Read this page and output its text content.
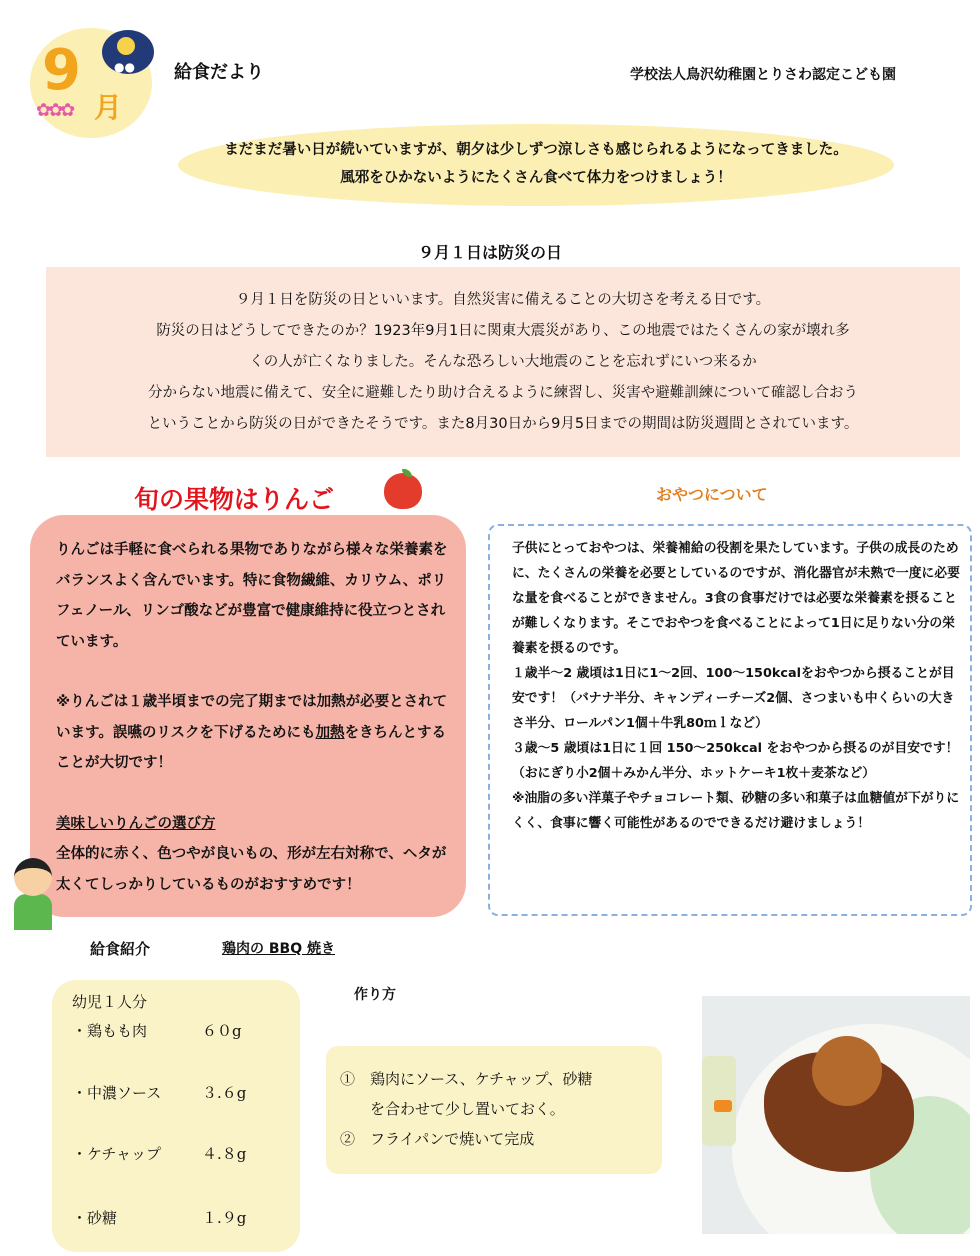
●●
9
月
✿✿✿
給食だより	学校法人鳥沢幼稚園とりさわ認定こども園
まだまだ暑い日が続いていますが、朝夕は少しずつ涼しさも感じられるようになってきました。
風邪をひかないようにたくさん食べて体力をつけましょう！
９月１日は防災の日
９月１日を防災の日といいます。自然災害に備えることの大切さを考える日です。
防災の日はどうしてできたのか？1923年9月1日に関東大震災があり、この地震ではたくさんの家が壊れ多
くの人が亡くなりました。そんな恐ろしい大地震のことを忘れずにいつ来るか
分からない地震に備えて、安全に避難したり助け合えるように練習し、災害や避難訓練について確認し合おう
ということから防災の日ができたそうです。また8月30日から9月5日までの期間は防災週間とされています。
旬の果物はりんご

りんごは手軽に食べられる果物でありながら様々な栄養素をバランスよく含んでいます。特に食物繊維、カリウム、ポリフェノール、リンゴ酸などが豊富で健康維持に役立つとされています。

※りんごは１歳半頃までの完了期までは加熱が必要とされています。誤嚥のリスクを下げるためにも加熱をきちんとすることが大切です！

美味しいりんごの選び方

全体的に赤く、色つやが良いもの、形が左右対称で、ヘタが太くてしっかりしているものがおすすめです！

おやつについて

子供にとっておやつは、栄養補給の役割を果たしています。子供の成長のために、たくさんの栄養を必要としているのですが、消化器官が未熟で一度に必要な量を食べることができません。3食の食事だけでは必要な栄養素を摂ることが難しくなります。そこでおやつを食べることによって1日に足りない分の栄養素を摂るのです。

１歳半～2 歳頃は1日に1～2回、100～150kcalをおやつから摂ることが目安です！（バナナ半分、キャンディーチーズ2個、さつまいも中くらいの大きさ半分、ロールパン1個＋牛乳80ｍｌなど）

３歳～5 歳頃は1日に１回 150～250kcal をおやつから摂るのが目安です！（おにぎり小2個＋みかん半分、ホットケーキ1枚＋麦茶など）

※油脂の多い洋菓子やチョコレート類、砂糖の多い和菓子は血糖値が下がりにくく、食事に響く可能性があるのでできるだけ避けましょう！

給食紹介	鶏肉の BBQ 焼き
幼児１人分
・鶏もも肉	６０g
・中濃ソース	３.６g
・ケチャップ	４.８g
・砂糖	１.９g
作り方
①　鶏肉にソース、ケチャップ、砂糖
を合わせて少し置いておく。
②　フライパンで焼いて完成
